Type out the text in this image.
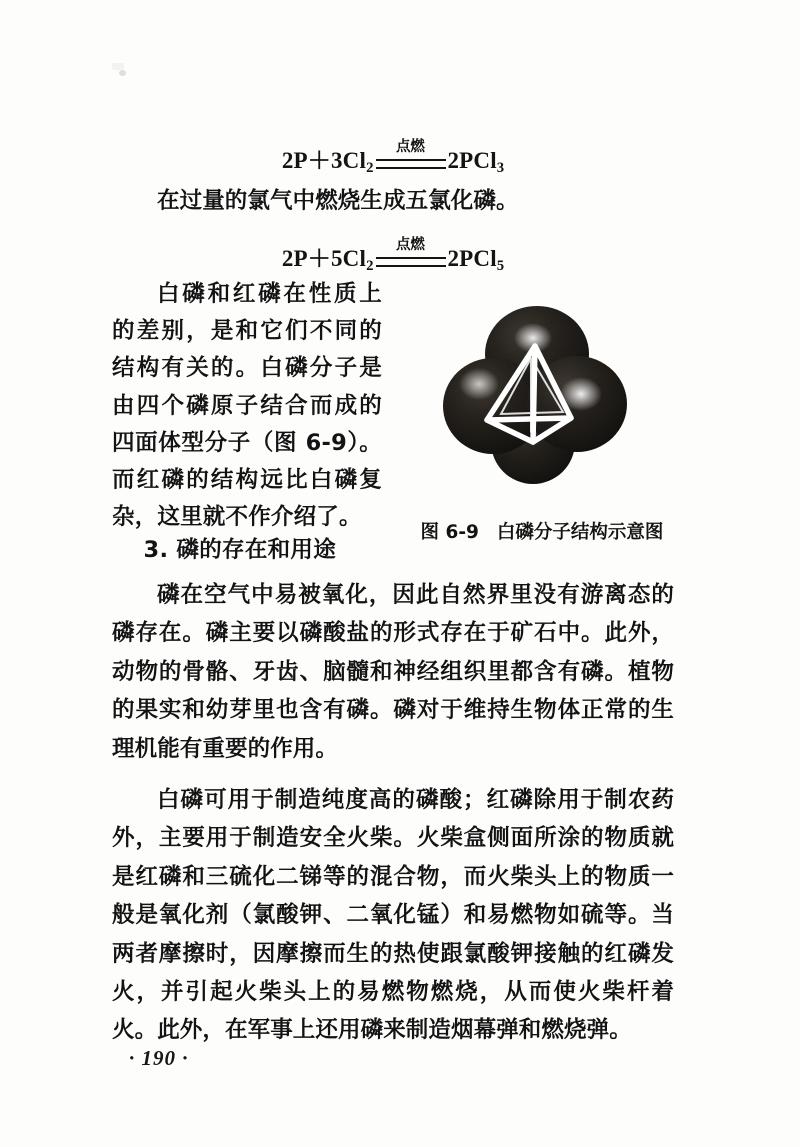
$2P+3Cl_2$
点燃
2PCl$_3$

在过量的氯气中燃烧生成五氯化磷。

$2P+5Cl_2$
点燃
2PCl$_5$
白磷和红磷在性质上的差别，是和它们不同的结构有关的。白磷分子是由四个磷原子结合而成的四面体型分子（图 6-9）。而红磷的结构远比白磷复杂，这里就不作介绍了。
图 6-9 白磷分子结构示意图
3. 磷的存在和用途

磷在空气中易被氧化，因此自然界里没有游离态的磷存在。磷主要以磷酸盐的形式存在于矿石中。此外，动物的骨骼、牙齿、脑髓和神经组织里都含有磷。植物的果实和幼芽里也含有磷。磷对于维持生物体正常的生理机能有重要的作用。

白磷可用于制造纯度高的磷酸；红磷除用于制农药外，主要用于制造安全火柴。火柴盒侧面所涂的物质就是红磷和三硫化二锑等的混合物，而火柴头上的物质一般是氧化剂（氯酸钾、二氧化锰）和易燃物如硫等。当两者摩擦时，因摩擦而生的热使跟氯酸钾接触的红磷发火，并引起火柴头上的易燃物燃烧，从而使火柴杆着火。此外，在军事上还用磷来制造烟幕弹和燃烧弹。

· 190 ·
